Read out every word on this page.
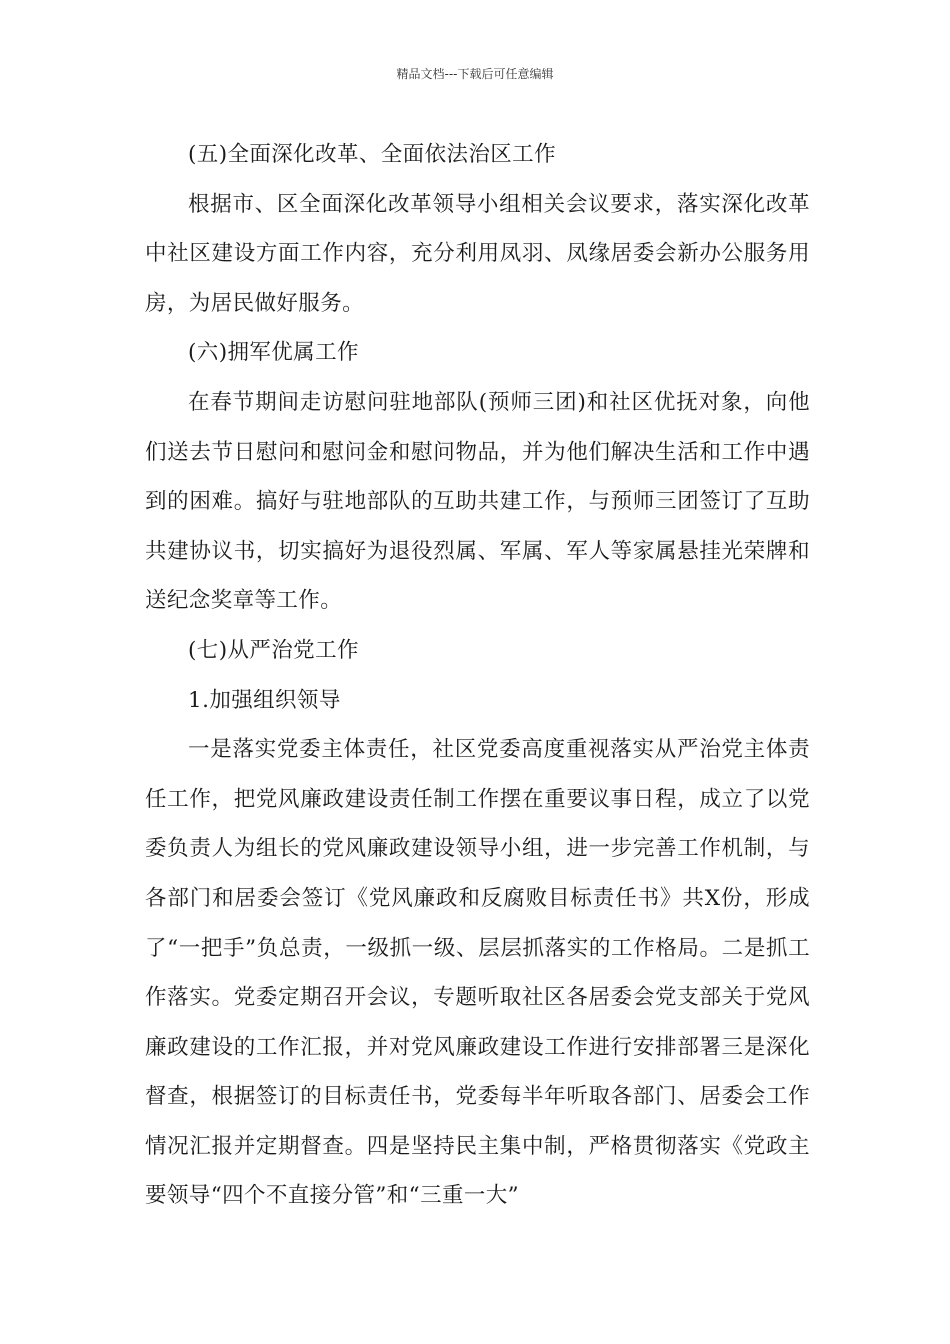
精品文档---下载后可任意编辑

(五)全面深化改革、全面依法治区工作

根据市、区全面深化改革领导小组相关会议要求，落实深化改革中社区建设方面工作内容，充分利用凤羽、凤缘居委会新办公服务用房，为居民做好服务。

(六)拥军优属工作

在春节期间走访慰问驻地部队(预师三团)和社区优抚对象，向他们送去节日慰问和慰问金和慰问物品，并为他们解决生活和工作中遇到的困难。搞好与驻地部队的互助共建工作，与预师三团签订了互助共建协议书，切实搞好为退役烈属、军属、军人等家属悬挂光荣牌和送纪念奖章等工作。

(七)从严治党工作

1.加强组织领导

一是落实党委主体责任，社区党委高度重视落实从严治党主体责任工作，把党风廉政建设责任制工作摆在重要议事日程，成立了以党委负责人为组长的党风廉政建设领导小组，进一步完善工作机制，与各部门和居委会签订《党风廉政和反腐败目标责任书》共X份，形成了“一把手”负总责，一级抓一级、层层抓落实的工作格局。二是抓工作落实。党委定期召开会议，专题听取社区各居委会党支部关于党风廉政建设的工作汇报，并对党风廉政建设工作进行安排部署三是深化督查，根据签订的目标责任书，党委每半年听取各部门、居委会工作情况汇报并定期督查。四是坚持民主集中制，严格贯彻落实《党政主要领导“四个不直接分管”和“三重一大”
